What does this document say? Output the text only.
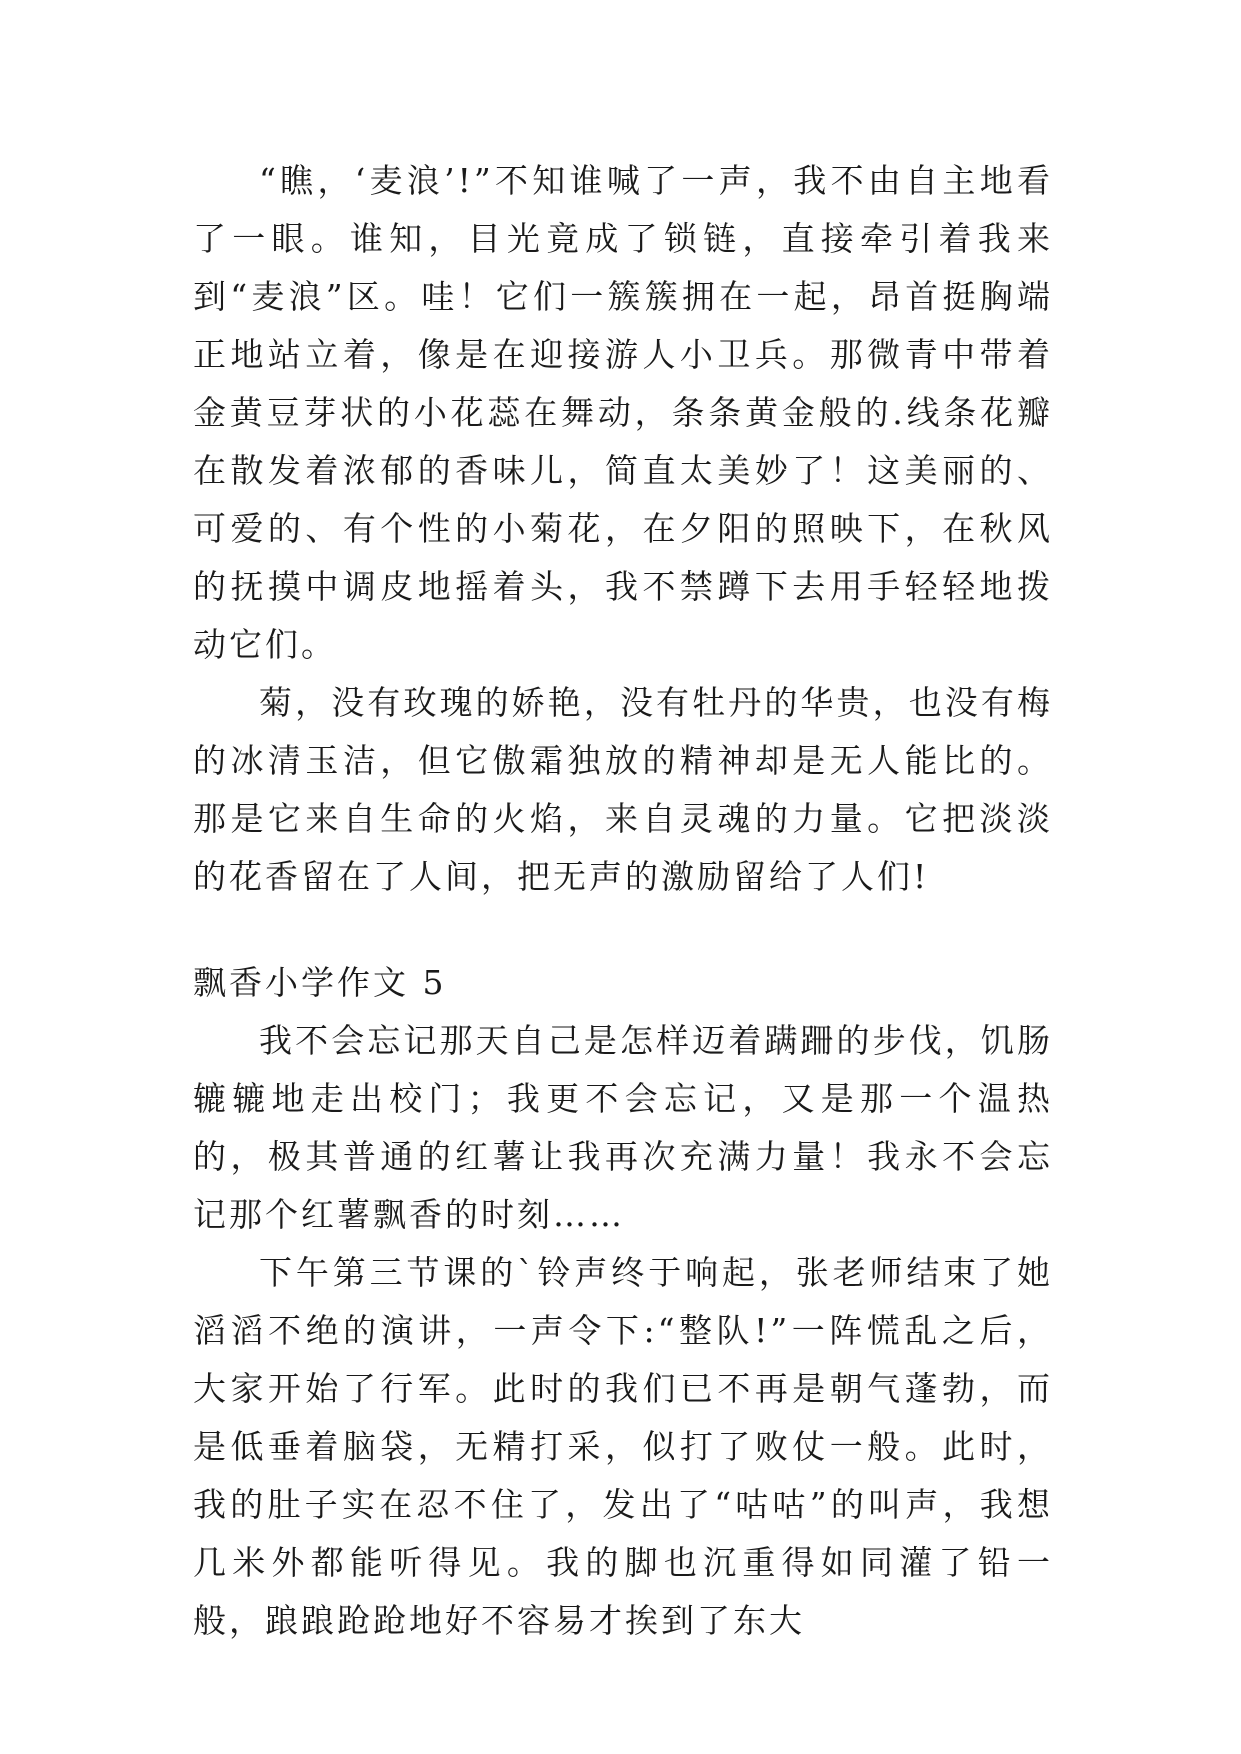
“瞧，‘麦浪’!”不知谁喊了一声，我不由自主地看了一眼。谁知，目光竟成了锁链，直接牵引着我来到“麦浪”区。哇！它们一簇簇拥在一起，昂首挺胸端正地站立着，像是在迎接游人小卫兵。那微青中带着金黄豆芽状的小花蕊在舞动，条条黄金般的.线条花瓣在散发着浓郁的香味儿，简直太美妙了！这美丽的、可爱的、有个性的小菊花，在夕阳的照映下，在秋风的抚摸中调皮地摇着头，我不禁蹲下去用手轻轻地拨动它们。

菊，没有玫瑰的娇艳，没有牡丹的华贵，也没有梅的冰清玉洁，但它傲霜独放的精神却是无人能比的。那是它来自生命的火焰，来自灵魂的力量。它把淡淡的花香留在了人间，把无声的激励留给了人们!

飘香小学作文 5

我不会忘记那天自己是怎样迈着蹒跚的步伐，饥肠辘辘地走出校门；我更不会忘记，又是那一个温热的，极其普通的红薯让我再次充满力量！我永不会忘记那个红薯飘香的时刻……

下午第三节课的`铃声终于响起，张老师结束了她滔滔不绝的演讲，一声令下:“整队!”一阵慌乱之后，大家开始了行军。此时的我们已不再是朝气蓬勃，而是低垂着脑袋，无精打采，似打了败仗一般。此时，我的肚子实在忍不住了，发出了“咕咕”的叫声，我想几米外都能听得见。我的脚也沉重得如同灌了铅一般，踉踉跄跄地好不容易才挨到了东大
